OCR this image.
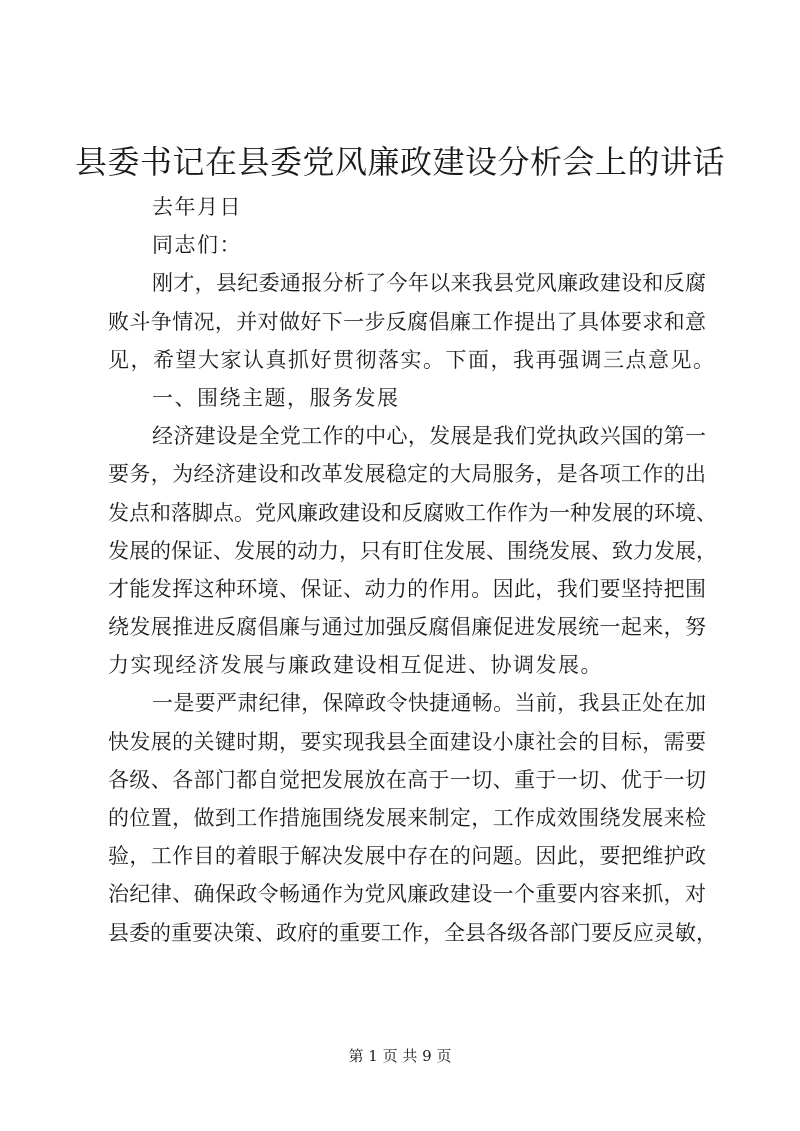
县委书记在县委党风廉政建设分析会上的讲话
去年月日
同志们：
刚才，县纪委通报分析了今年以来我县党风廉政建设和反腐
败斗争情况，并对做好下一步反腐倡廉工作提出了具体要求和意
见，希望大家认真抓好贯彻落实。下面，我再强调三点意见。
一、围绕主题，服务发展
经济建设是全党工作的中心，发展是我们党执政兴国的第一
要务，为经济建设和改革发展稳定的大局服务，是各项工作的出
发点和落脚点。党风廉政建设和反腐败工作作为一种发展的环境、
发展的保证、发展的动力，只有盯住发展、围绕发展、致力发展，
才能发挥这种环境、保证、动力的作用。因此，我们要坚持把围
绕发展推进反腐倡廉与通过加强反腐倡廉促进发展统一起来，努
力实现经济发展与廉政建设相互促进、协调发展。
一是要严肃纪律，保障政令快捷通畅。当前，我县正处在加
快发展的关键时期，要实现我县全面建设小康社会的目标，需要
各级、各部门都自觉把发展放在高于一切、重于一切、优于一切
的位置，做到工作措施围绕发展来制定，工作成效围绕发展来检
验，工作目的着眼于解决发展中存在的问题。因此，要把维护政
治纪律、确保政令畅通作为党风廉政建设一个重要内容来抓，对
县委的重要决策、政府的重要工作，全县各级各部门要反应灵敏，
第 1 页 共 9 页
